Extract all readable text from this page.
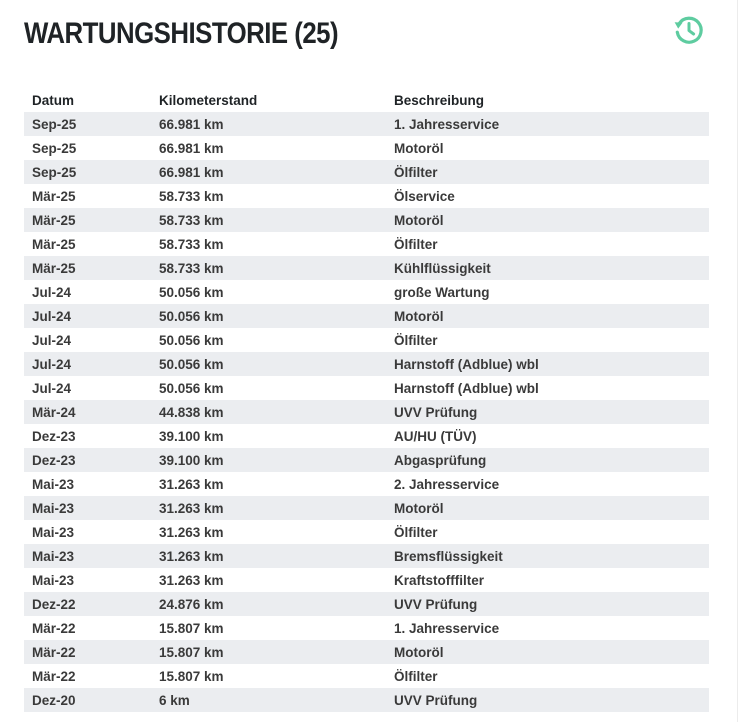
WARTUNGSHISTORIE (25)
Datum	Kilometerstand	Beschreibung
Sep-25	66.981 km	1. Jahresservice
Sep-25	66.981 km	Motoröl
Sep-25	66.981 km	Ölfilter
Mär-25	58.733 km	Ölservice
Mär-25	58.733 km	Motoröl
Mär-25	58.733 km	Ölfilter
Mär-25	58.733 km	Kühlflüssigkeit
Jul-24	50.056 km	große Wartung
Jul-24	50.056 km	Motoröl
Jul-24	50.056 km	Ölfilter
Jul-24	50.056 km	Harnstoff (Adblue) wbl
Jul-24	50.056 km	Harnstoff (Adblue) wbl
Mär-24	44.838 km	UVV Prüfung
Dez-23	39.100 km	AU/HU (TÜV)
Dez-23	39.100 km	Abgasprüfung
Mai-23	31.263 km	2. Jahresservice
Mai-23	31.263 km	Motoröl
Mai-23	31.263 km	Ölfilter
Mai-23	31.263 km	Bremsflüssigkeit
Mai-23	31.263 km	Kraftstofffilter
Dez-22	24.876 km	UVV Prüfung
Mär-22	15.807 km	1. Jahresservice
Mär-22	15.807 km	Motoröl
Mär-22	15.807 km	Ölfilter
Dez-20	6 km	UVV Prüfung
